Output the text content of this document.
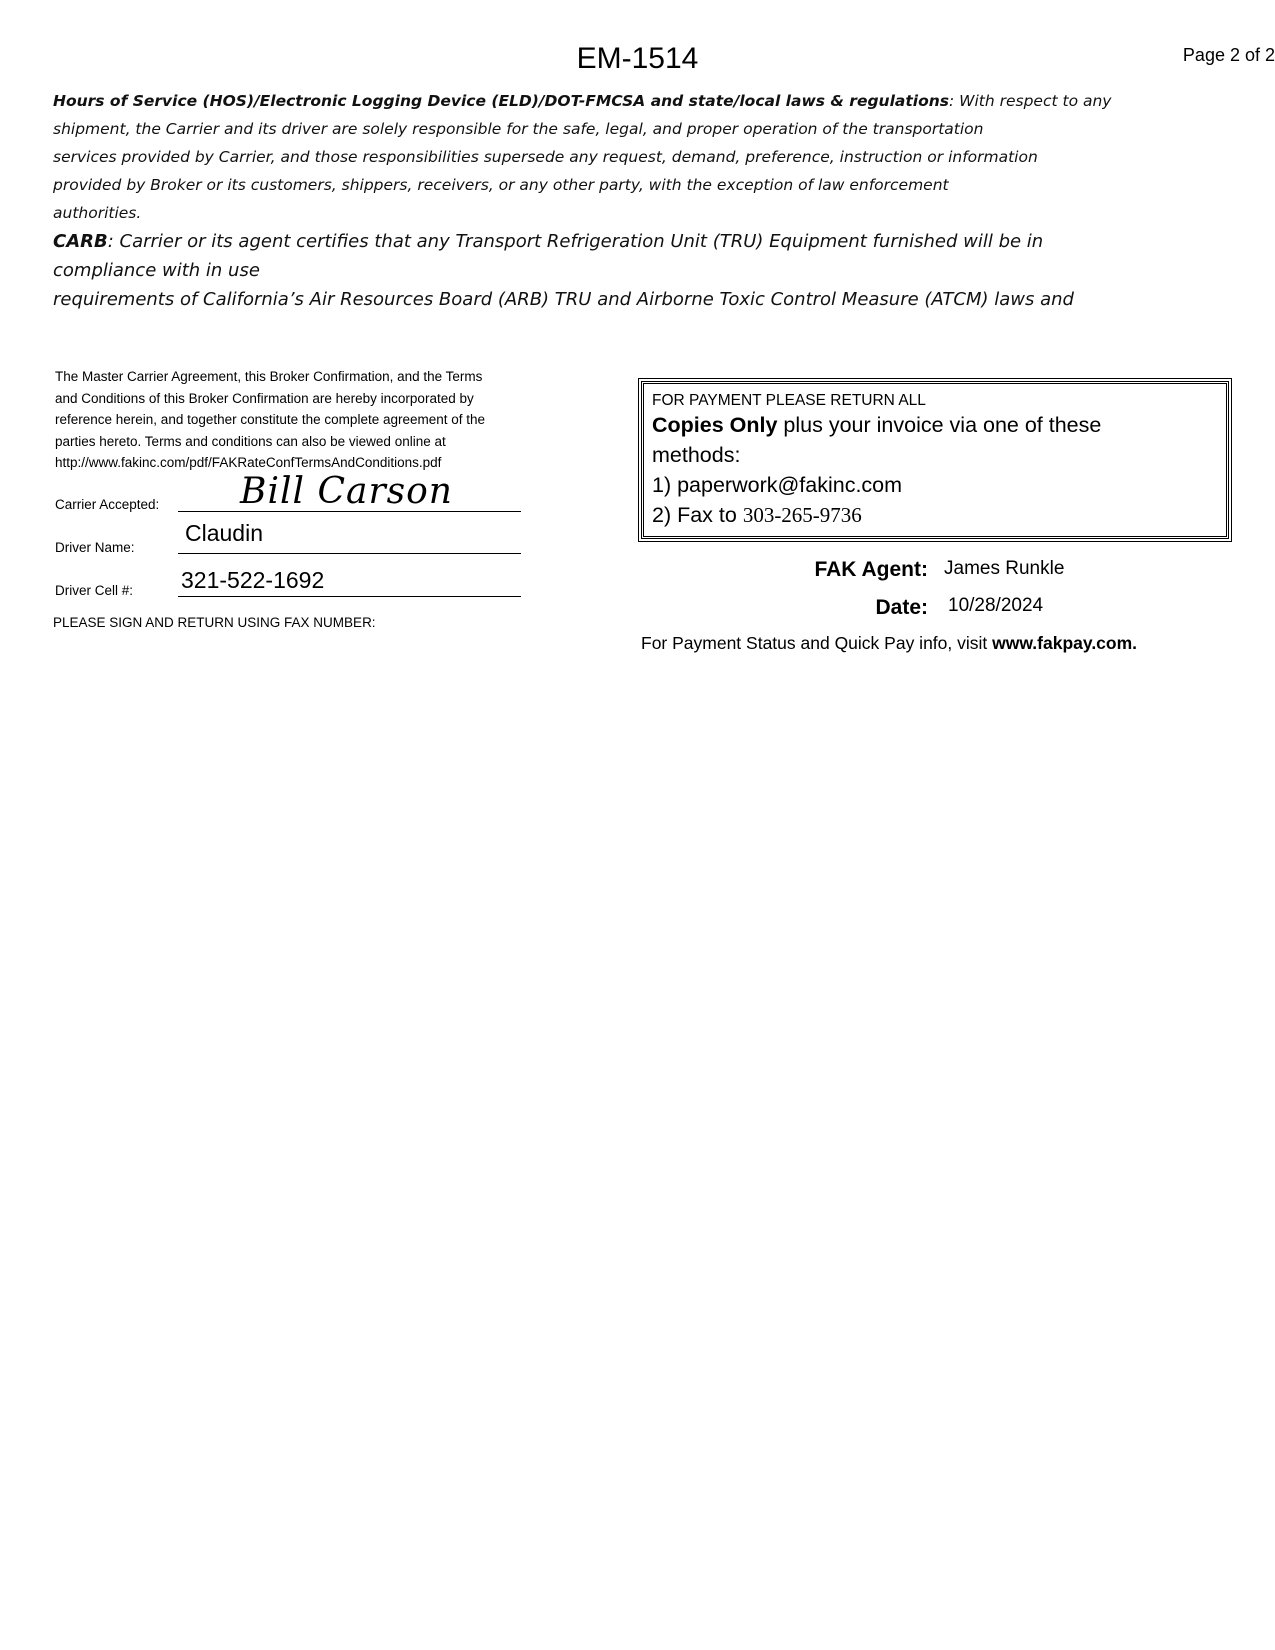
EM-1514	Page 2 of 2
Hours of Service (HOS)/Electronic Logging Device (ELD)/DOT-FMCSA and state/local laws & regulations: With respect to any
shipment, the Carrier and its driver are solely responsible for the safe, legal, and proper operation of the transportation
services provided by Carrier, and those responsibilities supersede any request, demand, preference, instruction or information
provided by Broker or its customers, shippers, receivers, or any other party, with the exception of law enforcement
authorities.
CARB: Carrier or its agent certifies that any Transport Refrigeration Unit (TRU) Equipment furnished will be in
compliance with in use
requirements of California’s Air Resources Board (ARB) TRU and Airborne Toxic Control Measure (ATCM) laws and
The Master Carrier Agreement, this Broker Confirmation, and the Terms
and Conditions of this Broker Confirmation are hereby incorporated by
reference herein, and together constitute the complete agreement of the
parties hereto. Terms and conditions can also be viewed online at
http://www.fakinc.com/pdf/FAKRateConfTermsAndConditions.pdf
Carrier Accepted: Bill Carson
Driver Name:
Claudin
Driver Cell #: 321-522-1692
PLEASE SIGN AND RETURN USING FAX NUMBER:
FOR PAYMENT PLEASE RETURN ALL
Copies Only plus your invoice via one of these
methods:
1) paperwork@fakinc.com
2) Fax to 303-265-9736
FAK Agent: James Runkle
Date: 10/28/2024
For Payment Status and Quick Pay info, visit www.fakpay.com.
